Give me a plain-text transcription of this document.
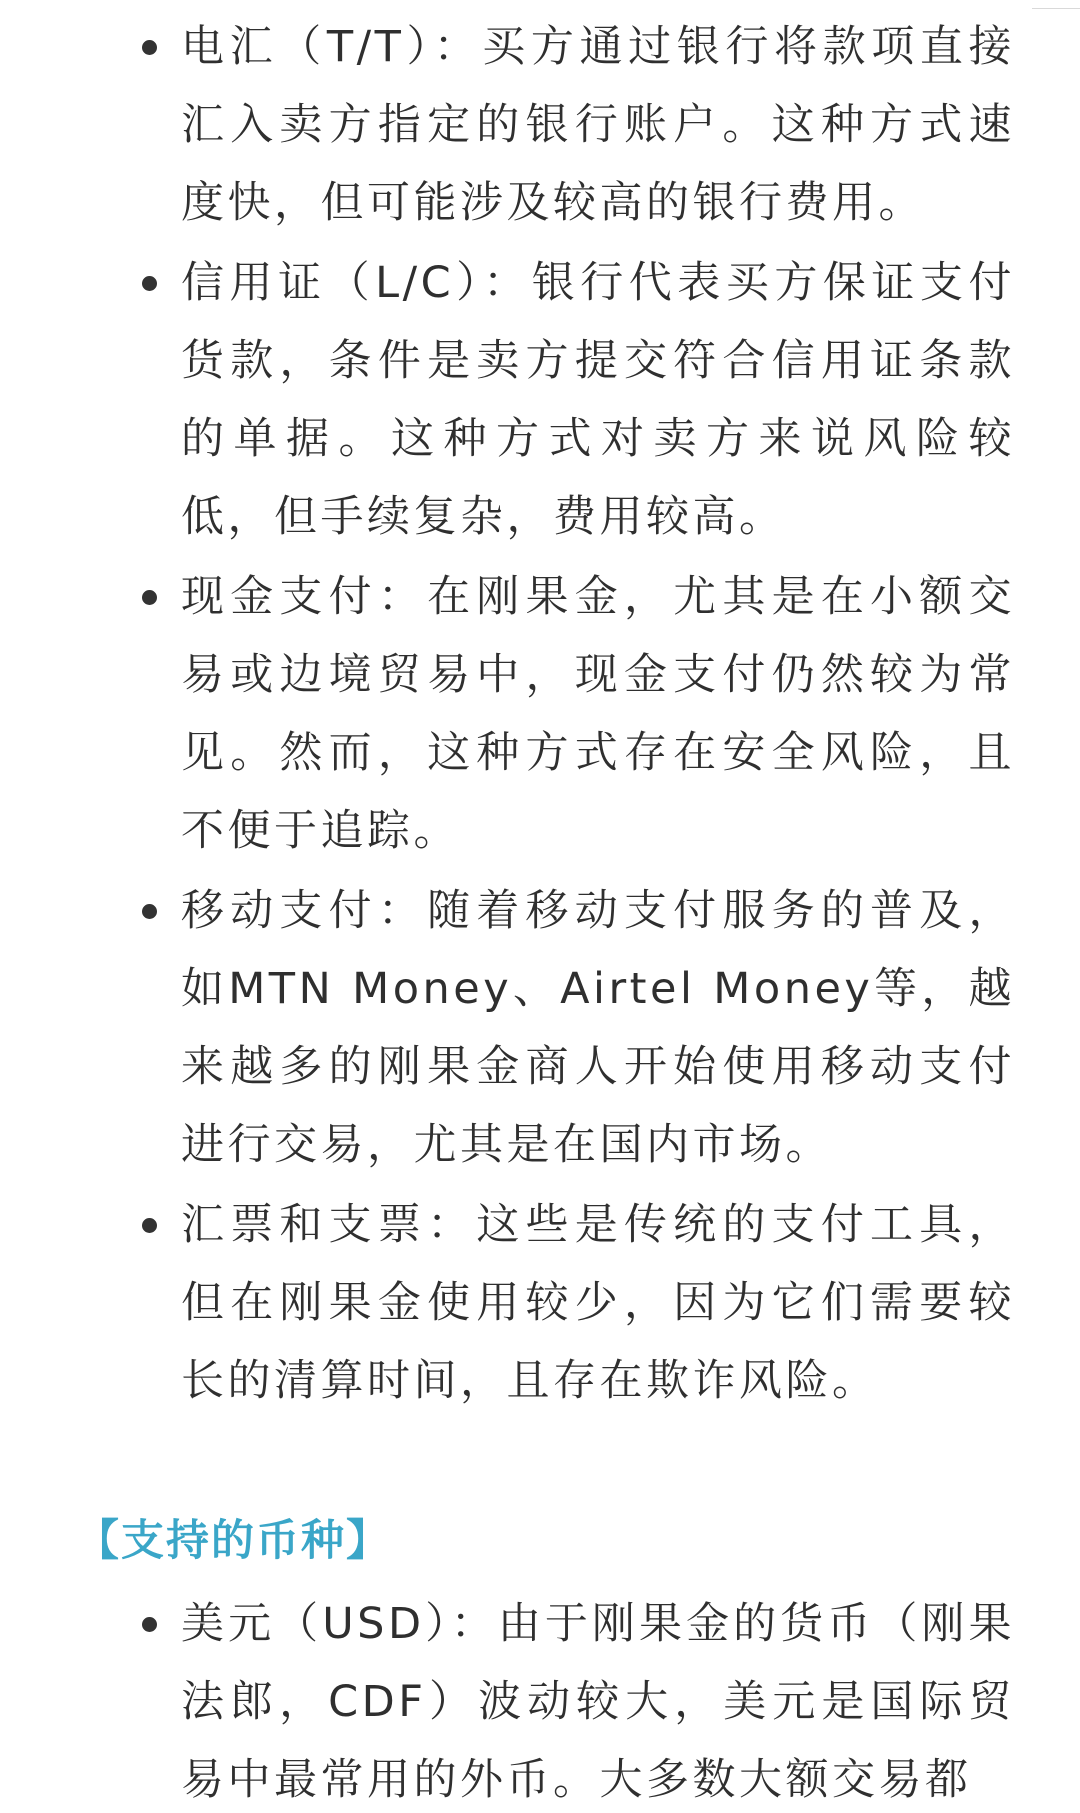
电汇（T/T）：买方通过银行将款项直接汇入卖方指定的银行账户。这种方式速度快，但可能涉及较高的银行费用。
信用证（L/C）：银行代表买方保证支付货款，条件是卖方提交符合信用证条款的单据。这种方式对卖方来说风险较低，但手续复杂，费用较高。
现金支付：在刚果金，尤其是在小额交易或边境贸易中，现金支付仍然较为常见。然而，这种方式存在安全风险，且不便于追踪。
移动支付：随着移动支付服务的普及，如MTN Money、Airtel Money等，越来越多的刚果金商人开始使用移动支付进行交易，尤其是在国内市场。
汇票和支票：这些是传统的支付工具，但在刚果金使用较少，因为它们需要较长的清算时间，且存在欺诈风险。
【支持的币种】
美元（USD）：由于刚果金的货币（刚果法郎，CDF）波动较大，美元是国际贸易中最常用的外币。大多数大额交易都
